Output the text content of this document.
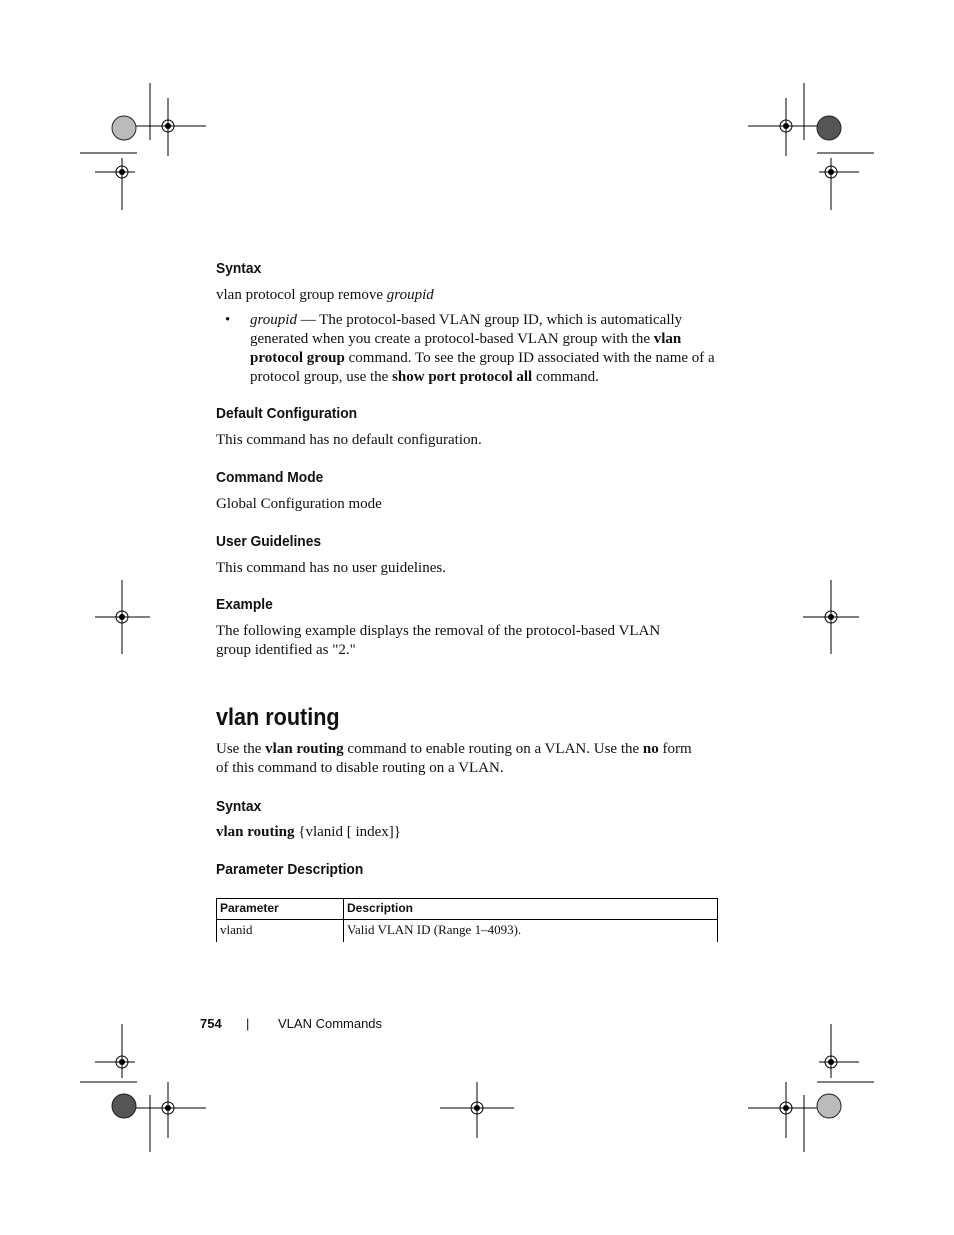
Syntax
vlan protocol group remove groupid
• groupid — The protocol-based VLAN group ID, which is automatically generated when you create a protocol-based VLAN group with the vlan protocol group command. To see the group ID associated with the name of a protocol group, use the show port protocol all command.
Default Configuration
This command has no default configuration.
Command Mode
Global Configuration mode
User Guidelines
This command has no user guidelines.
Example
The following example displays the removal of the protocol-based VLAN group identified as "2."
vlan routing
Use the vlan routing command to enable routing on a VLAN. Use the no form of this command to disable routing on a VLAN.
Syntax
vlan routing {vlanid [ index]}
Parameter Description
Parameter	Description
vlanid	Valid VLAN ID (Range 1–4093).
754 | VLAN Commands
